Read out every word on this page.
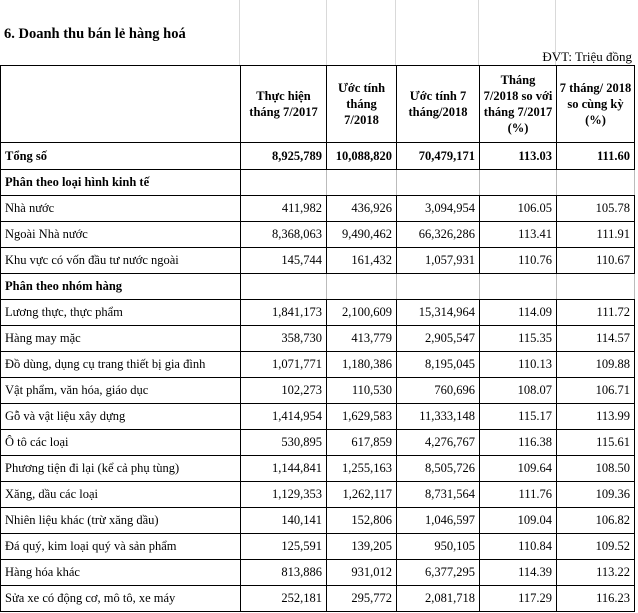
6. Doanh thu bán lẻ hàng hoá
ĐVT: Triệu đồng
	Thực hiện tháng 7/2017	Ước tính tháng 7/2018	Ước tính 7 tháng/2018	Tháng 7/2018 so với tháng 7/2017 (%)	7 tháng/ 2018 so cùng kỳ (%)
Tổng số	8,925,789	10,088,820	70,479,171	113.03	111.60
Phân theo loại hình kinh tế					
Nhà nước	411,982	436,926	3,094,954	106.05	105.78
Ngoài Nhà nước	8,368,063	9,490,462	66,326,286	113.41	111.91
Khu vực có vốn đầu tư nước ngoài	145,744	161,432	1,057,931	110.76	110.67
Phân theo nhóm hàng					
Lương thực, thực phẩm	1,841,173	2,100,609	15,314,964	114.09	111.72
Hàng may mặc	358,730	413,779	2,905,547	115.35	114.57
Đồ dùng, dụng cụ trang thiết bị gia đình	1,071,771	1,180,386	8,195,045	110.13	109.88
Vật phẩm, văn hóa, giáo dục	102,273	110,530	760,696	108.07	106.71
Gỗ và vật liệu xây dựng	1,414,954	1,629,583	11,333,148	115.17	113.99
Ô tô các loại	530,895	617,859	4,276,767	116.38	115.61
Phương tiện đi lại (kể cả phụ tùng)	1,144,841	1,255,163	8,505,726	109.64	108.50
Xăng, dầu các loại	1,129,353	1,262,117	8,731,564	111.76	109.36
Nhiên liệu khác (trừ xăng dầu)	140,141	152,806	1,046,597	109.04	106.82
Đá quý, kim loại quý và sản phẩm	125,591	139,205	950,105	110.84	109.52
Hàng hóa khác	813,886	931,012	6,377,295	114.39	113.22
Sửa xe có động cơ, mô tô, xe máy	252,181	295,772	2,081,718	117.29	116.23
